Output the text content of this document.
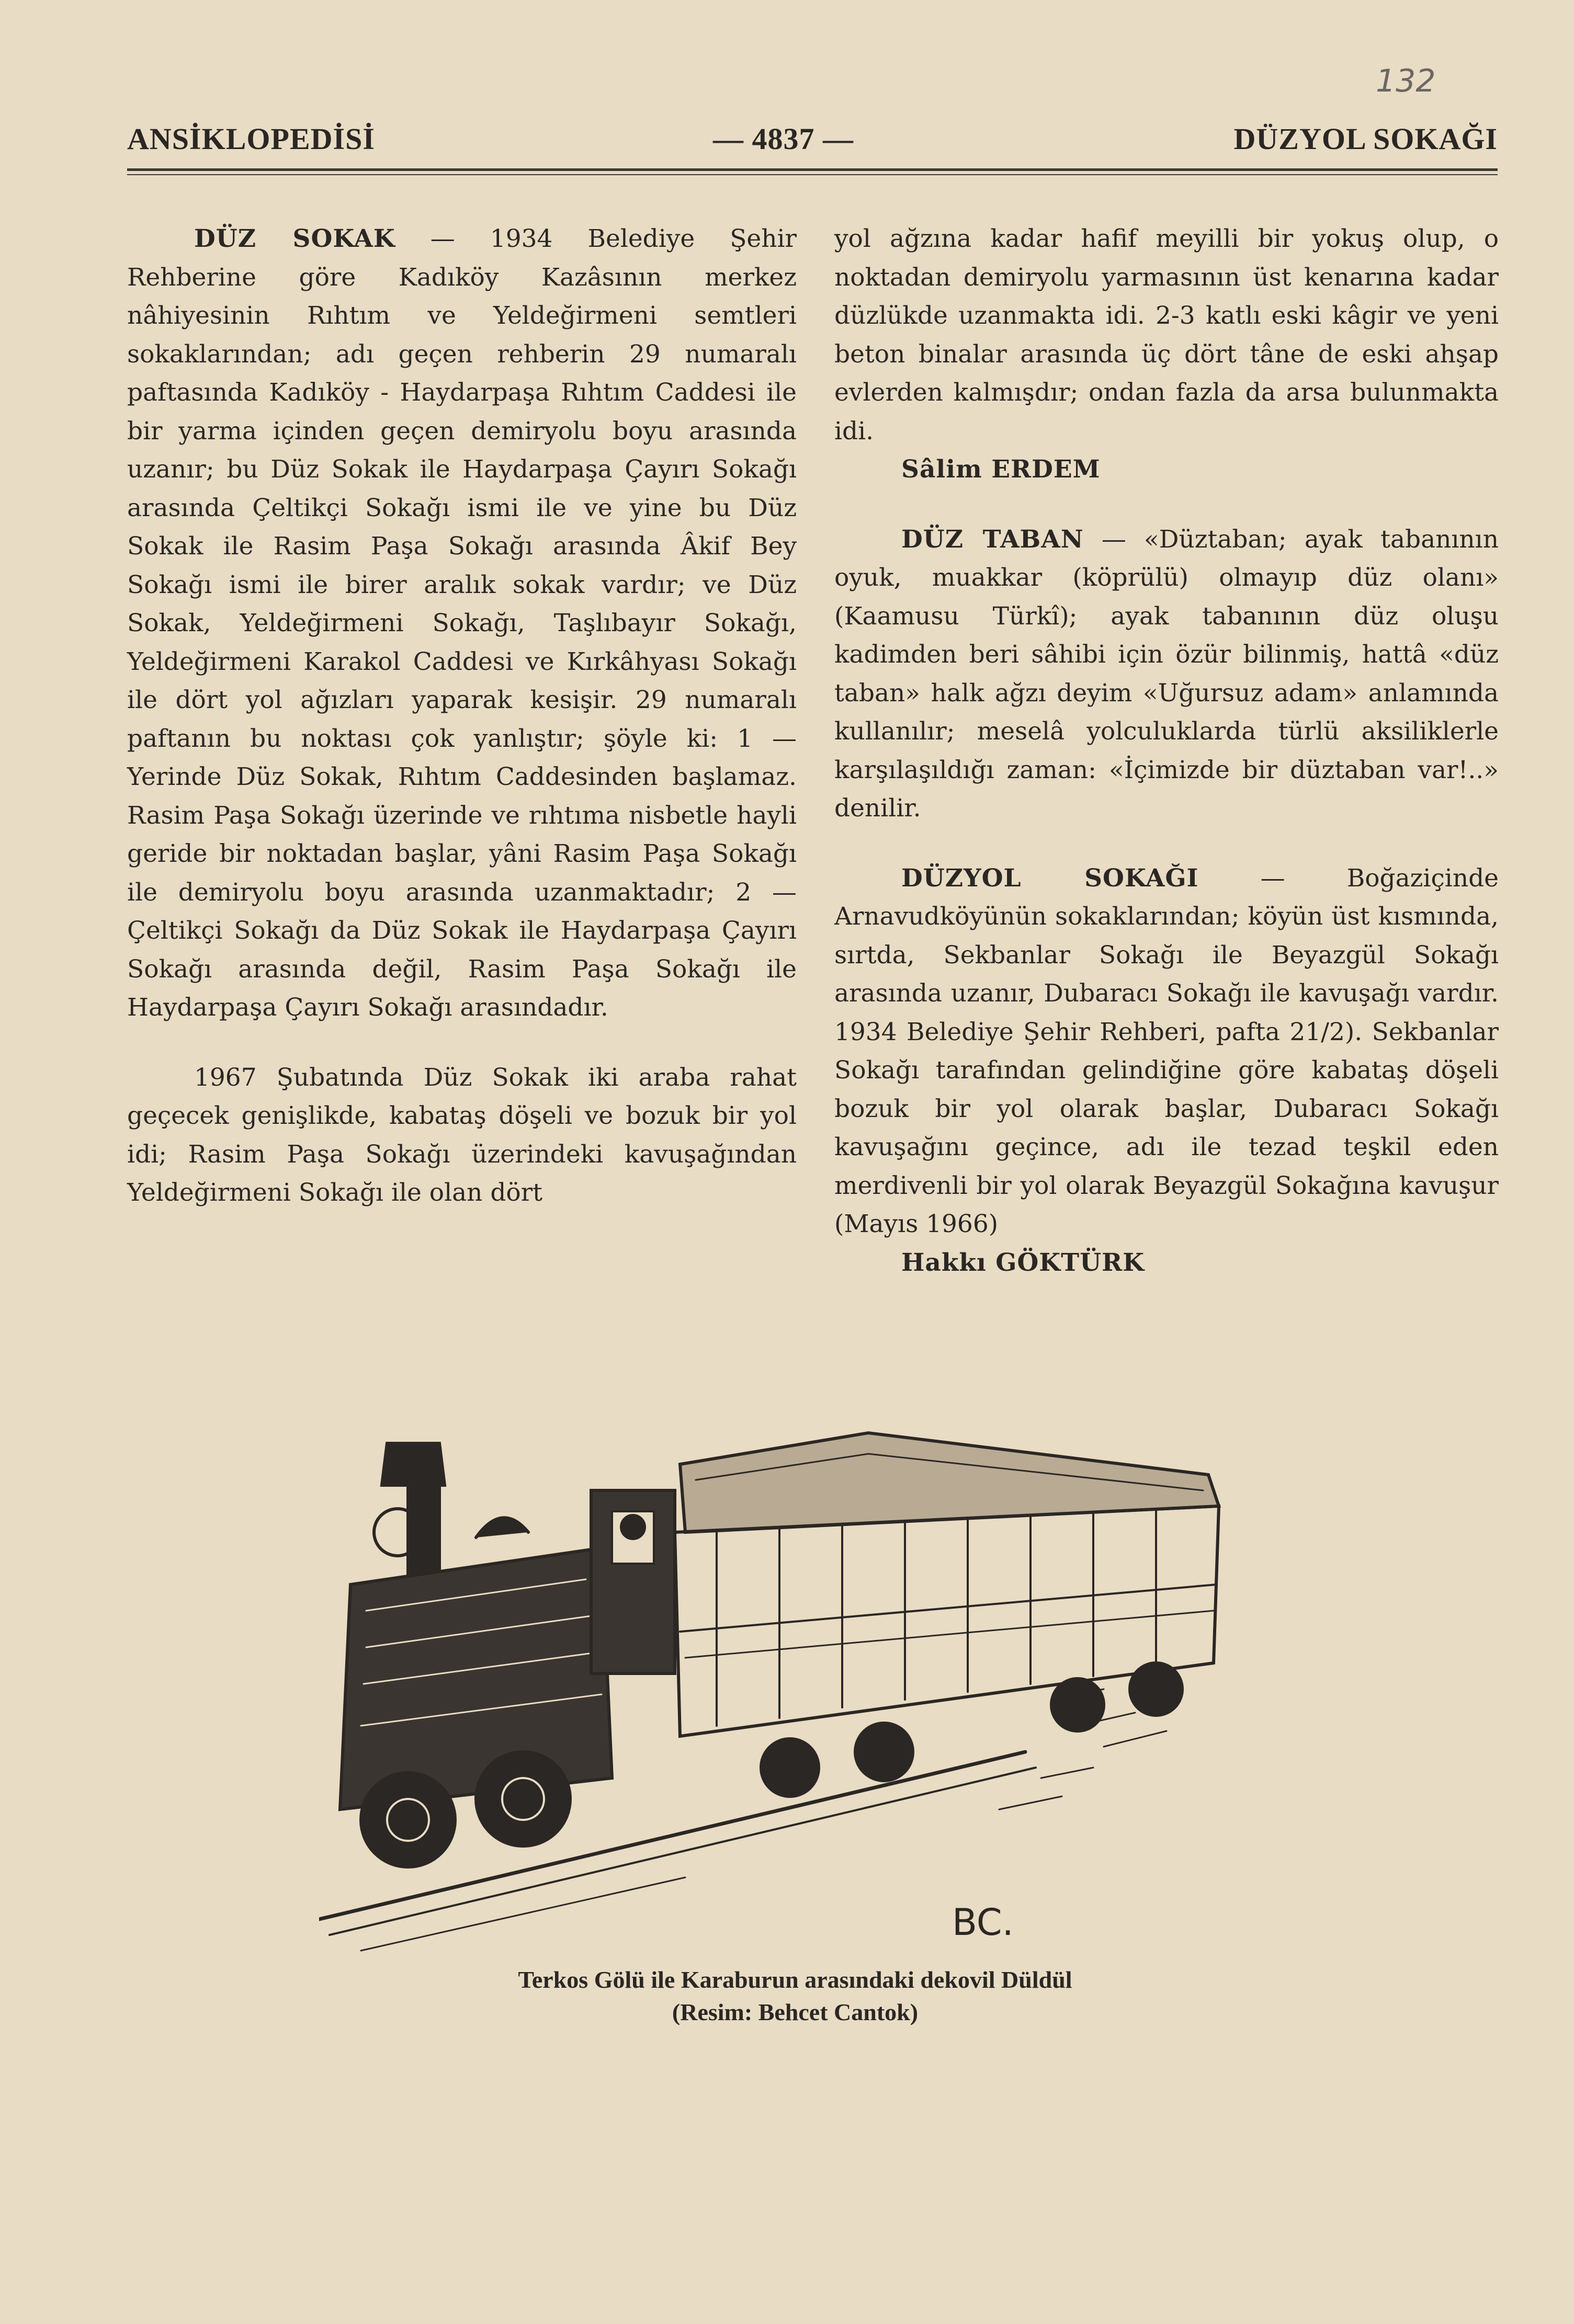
132
ANSİKLOPEDİSİ	— 4837 —	DÜZYOL SOKAĞI

DÜZ SOKAK — 1934 Belediye Şehir Rehberine göre Kadıköy Kazâsının merkez nâhiyesinin Rıhtım ve Yeldeğirmeni semtleri sokaklarından; adı geçen rehberin 29 numaralı paftasında Kadıköy - Haydarpaşa Rıhtım Caddesi ile bir yarma içinden geçen demiryolu boyu arasında uzanır; bu Düz Sokak ile Haydarpaşa Çayırı Sokağı arasında Çeltikçi Sokağı ismi ile ve yine bu Düz Sokak ile Rasim Paşa Sokağı arasında Âkif Bey Sokağı ismi ile birer aralık sokak vardır; ve Düz Sokak, Yeldeğirmeni Sokağı, Taşlıbayır Sokağı, Yeldeğirmeni Karakol Caddesi ve Kırkâhyası Sokağı ile dört yol ağızları yaparak kesişir. 29 numaralı paftanın bu noktası çok yanlıştır; şöyle ki: 1 — Yerinde Düz Sokak, Rıhtım Caddesinden başlamaz. Rasim Paşa Sokağı üzerinde ve rıhtıma nisbetle hayli geride bir noktadan başlar, yâni Rasim Paşa Sokağı ile demiryolu boyu arasında uzanmaktadır; 2 — Çeltikçi Sokağı da Düz Sokak ile Haydarpaşa Çayırı Sokağı arasında değil, Rasim Paşa Sokağı ile Haydarpaşa Çayırı Sokağı arasındadır.

1967 Şubatında Düz Sokak iki araba rahat geçecek genişlikde, kabataş döşeli ve bozuk bir yol idi; Rasim Paşa Sokağı üzerindeki kavuşağından Yeldeğirmeni Sokağı ile olan dört

yol ağzına kadar hafif meyilli bir yokuş olup, o noktadan demiryolu yarmasının üst kenarına kadar düzlükde uzanmakta idi. 2-3 katlı eski kâgir ve yeni beton binalar arasında üç dört tâne de eski ahşap evlerden kalmışdır; ondan fazla da arsa bulunmakta idi.

Sâlim ERDEM

DÜZ TABAN — «Düztaban; ayak tabanının oyuk, muakkar (köprülü) olmayıp düz olanı» (Kaamusu Türkî); ayak tabanının düz oluşu kadimden beri sâhibi için özür bilinmiş, hattâ «düz taban» halk ağzı deyim «Uğursuz adam» anlamında kullanılır; meselâ yolculuklarda türlü aksiliklerle karşılaşıldığı zaman: «İçimizde bir düztaban var!..» denilir.

DÜZYOL SOKAĞI — Boğaziçinde Arnavudköyünün sokaklarından; köyün üst kısmında, sırtda, Sekbanlar Sokağı ile Beyazgül Sokağı arasında uzanır, Dubaracı Sokağı ile kavuşağı vardır. 1934 Belediye Şehir Rehberi, pafta 21/2). Sekbanlar Sokağı tarafından gelindiğine göre kabataş döşeli bozuk bir yol olarak başlar, Dubaracı Sokağı kavuşağını geçince, adı ile tezad teşkil eden merdivenli bir yol olarak Beyazgül Sokağına kavuşur (Mayıs 1966)

Hakkı GÖKTÜRK

BC.
Terkos Gölü ile Karaburun arasındaki dekovil Düldül
(Resim: Behcet Cantok)
